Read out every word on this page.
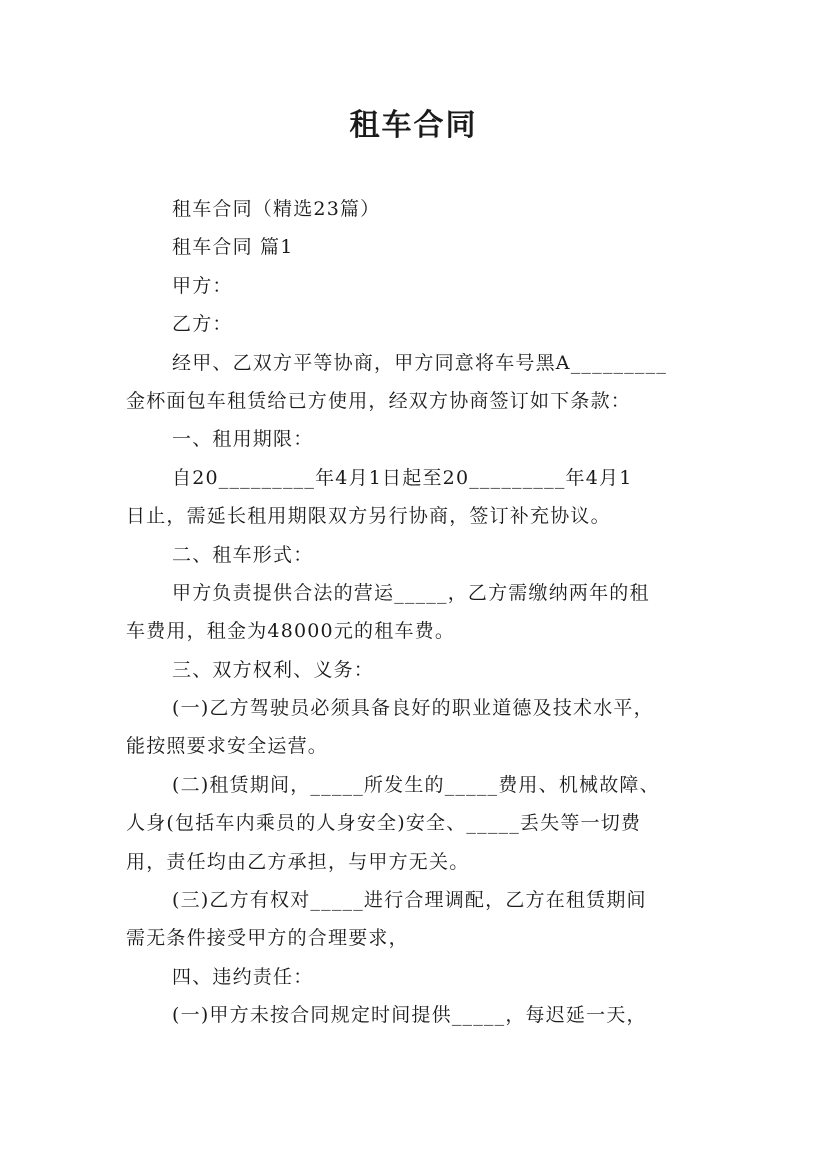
租车合同
租车合同（精选23篇）
租车合同 篇1
甲方：
乙方：
经甲、乙双方平等协商，甲方同意将车号黑A_________
金杯面包车租赁给已方使用，经双方协商签订如下条款：
一、租用期限：
自20_________年4月1日起至20_________年4月1
日止，需延长租用期限双方另行协商，签订补充协议。
二、租车形式：
甲方负责提供合法的营运_____，乙方需缴纳两年的租
车费用，租金为48000元的租车费。
三、双方权利、义务：
(一)乙方驾驶员必须具备良好的职业道德及技术水平，
能按照要求安全运营。
(二)租赁期间，_____所发生的_____费用、机械故障、
人身(包括车内乘员的人身安全)安全、_____丢失等一切费
用，责任均由乙方承担，与甲方无关。
(三)乙方有权对_____进行合理调配，乙方在租赁期间
需无条件接受甲方的合理要求，
四、违约责任：
(一)甲方未按合同规定时间提供_____，每迟延一天，
